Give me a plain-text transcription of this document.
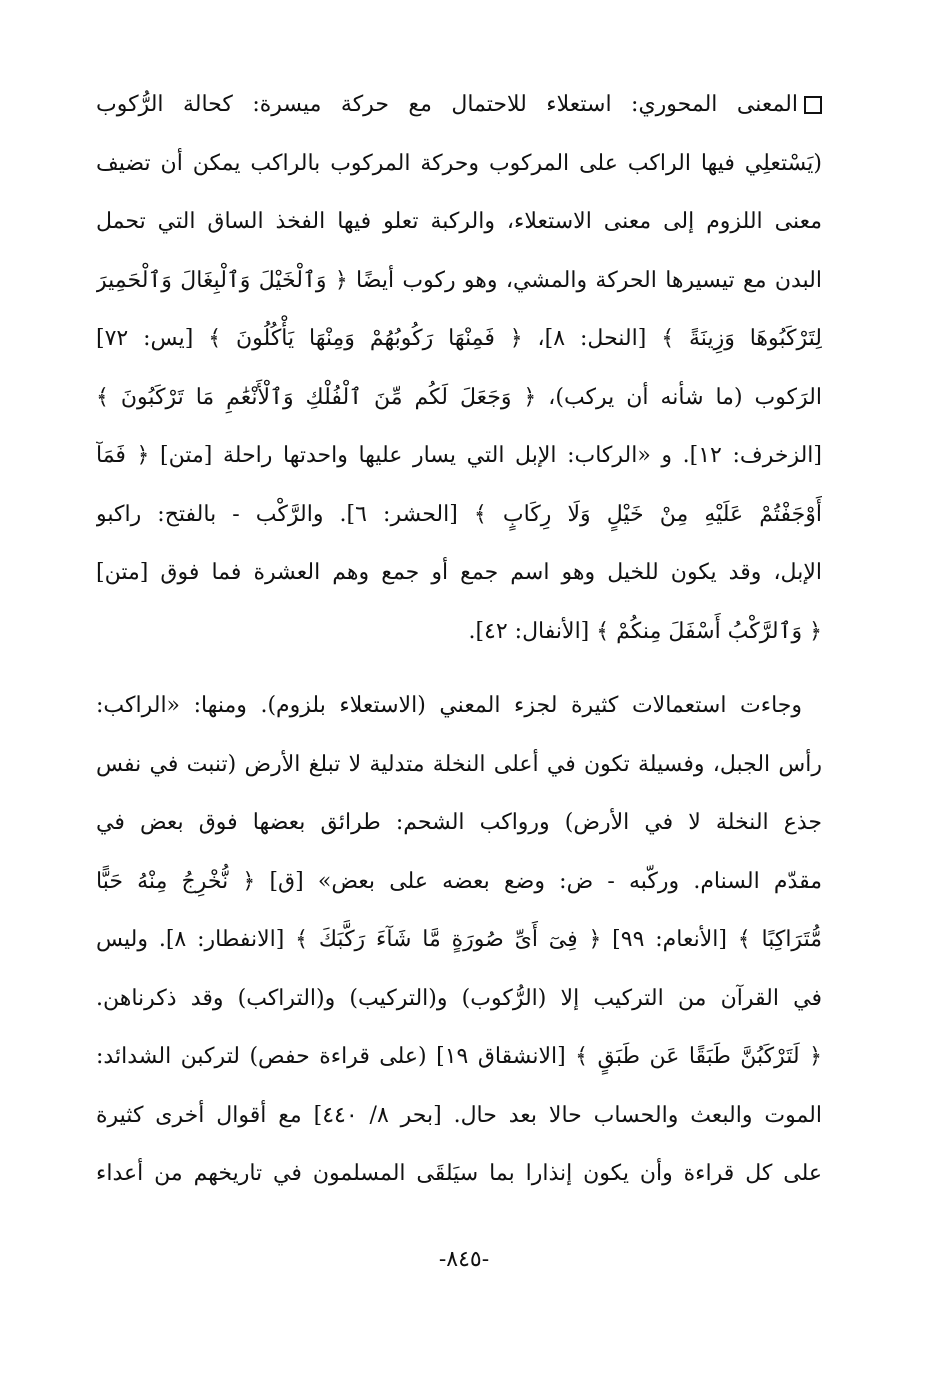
المعنى المحوري: استعلاء للاحتمال مع حركة ميسرة: كحالة الرُّكوب
(يَسْتعلِي فيها الراكب على المركوب وحركة المركوب بالراكب يمكن أن تضيف
معنى اللزوم إلى معنى الاستعلاء، والركبة تعلو فيها الفخذ الساق التي تحمل
البدن مع تيسيرها الحركة والمشي، وهو ركوب أيضًا ﴿ وَٱلْخَيْلَ وَٱلْبِغَالَ وَٱلْحَمِيرَ
لِتَرْكَبُوهَا وَزِينَةً ﴾ [النحل: ٨]، ﴿ فَمِنْهَا رَكُوبُهُمْ وَمِنْهَا يَأْكُلُونَ ﴾ [يس: ٧٢]
الرَكوب (ما شأنه أن يركب)، ﴿ وَجَعَلَ لَكُم مِّنَ ٱلْفُلْكِ وَٱلْأَنْعَٰمِ مَا تَرْكَبُونَ ﴾
[الزخرف: ١٢]. و «الركاب: الإبل التي يسار عليها واحدتها راحلة [متن] ﴿ فَمَآ
أَوْجَفْتُمْ عَلَيْهِ مِنْ خَيْلٍ وَلَا رِكَابٍ ﴾ [الحشر: ٦]. والرَّكْب - بالفتح: راكبو
الإبل، وقد يكون للخيل وهو اسم جمع أو جمع وهم العشرة فما فوق [متن]
﴿ وَٱلرَّكْبُ أَسْفَلَ مِنكُمْ ﴾ [الأنفال: ٤٢].
وجاءت استعمالات كثيرة لجزء المعني (الاستعلاء بلزوم). ومنها: «الراكب:
رأس الجبل، وفسيلة تكون في أعلى النخلة متدلية لا تبلغ الأرض (تنبت في نفس
جذع النخلة لا في الأرض) ورواكب الشحم: طرائق بعضها فوق بعض في
مقدّم السنام. وركّبه - ض: وضع بعضه على بعض» [ق] ﴿ نُّخْرِجُ مِنْهُ حَبًّا
مُّتَرَاكِبًا ﴾ [الأنعام: ٩٩] ﴿ فِىٓ أَىِّ صُورَةٍ مَّا شَآءَ رَكَّبَكَ ﴾ [الانفطار: ٨]. وليس
في القرآن من التركيب إلا (الرُّكوب) و(التركيب) و(التراكب) وقد ذكرناهن.
﴿ لَتَرْكَبُنَّ طَبَقًا عَن طَبَقٍ ﴾ [الانشقاق ١٩] (على قراءة حفص) لتركبن الشدائد:
الموت والبعث والحساب حالا بعد حال. [بحر ٨/ ٤٤٠] مع أقوال أخرى كثيرة
على كل قراءة وأن يكون إنذارا بما سيَلقَى المسلمون في تاريخهم من أعداء
-٨٤٥-
